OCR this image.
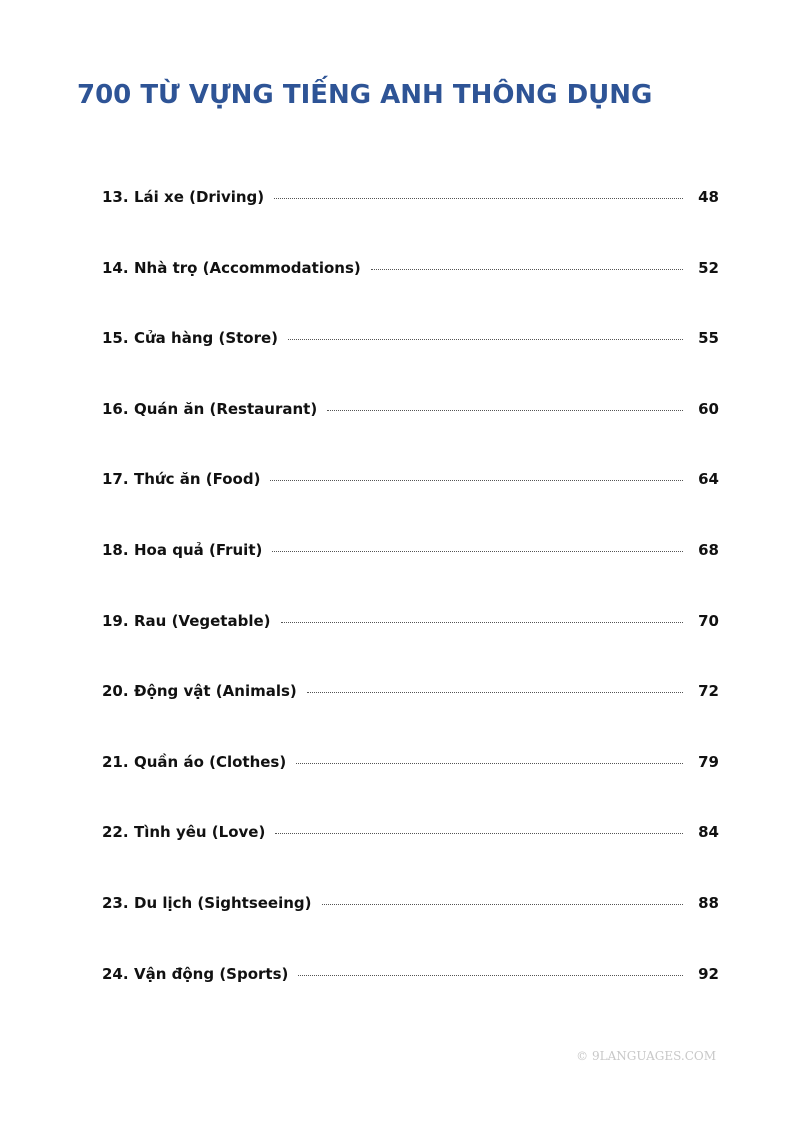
700 TỪ VỰNG TIẾNG ANH THÔNG DỤNG
13. Lái xe (Driving)	48
14. Nhà trọ (Accommodations)	52
15. Cửa hàng (Store)	55
16. Quán ăn (Restaurant)	60
17. Thức ăn (Food)	64
18. Hoa quả (Fruit)	68
19. Rau (Vegetable)	70
20. Động vật (Animals)	72
21. Quần áo (Clothes)	79
22. Tình yêu (Love)	84
23. Du lịch (Sightseeing)	88
24. Vận động (Sports)	92
© 9LANGUAGES.COM
